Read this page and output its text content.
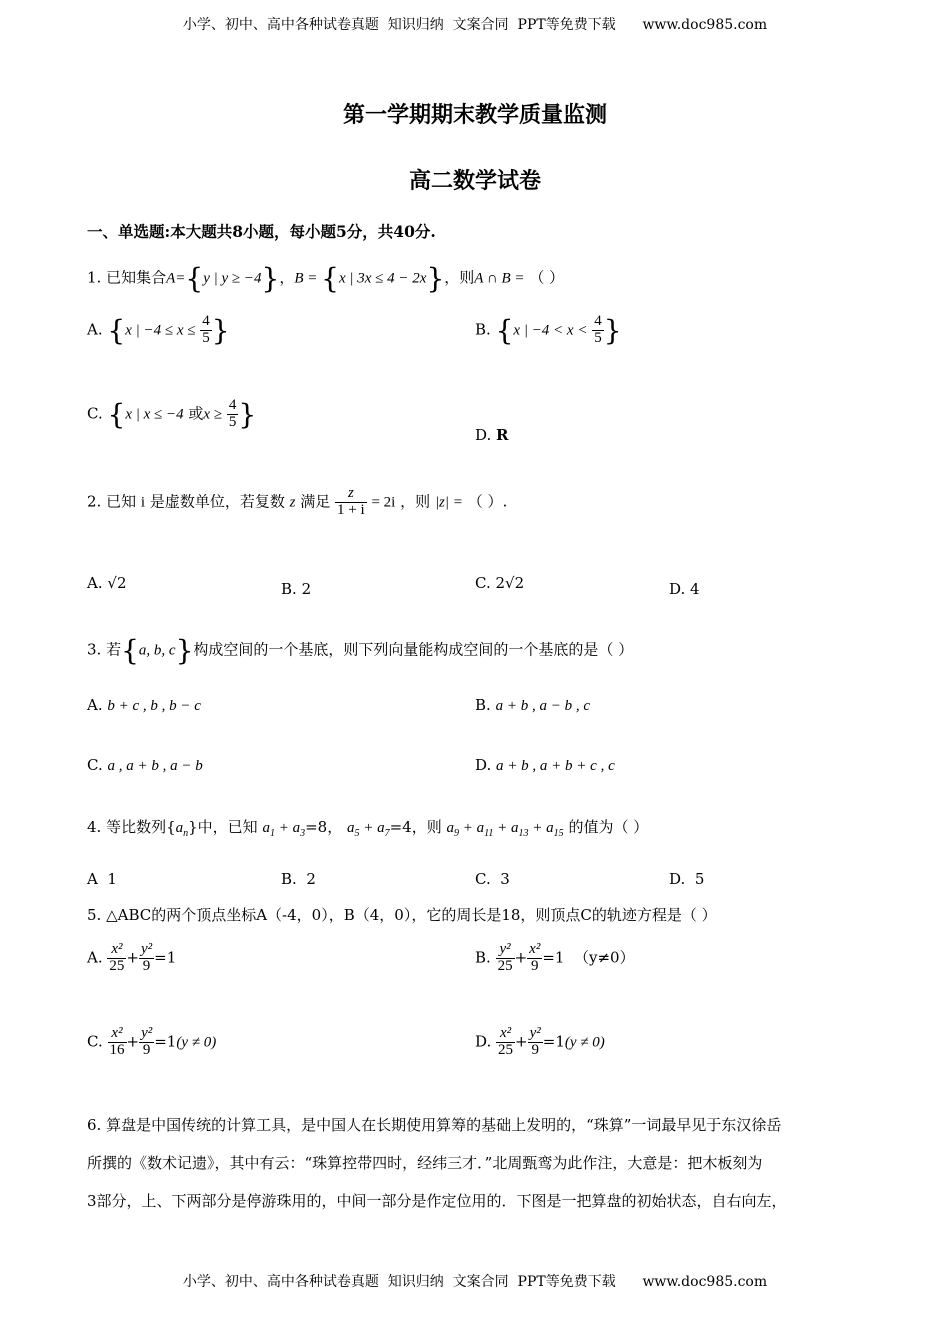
小学、初中、高中各种试卷真题  知识归纳  文案合同  PPT等免费下载      www.doc985.com
第一学期期末教学质量监测
高二数学试卷
一、单选题:本大题共8小题，每小题5分，共40分.
1. 已知集合A={y | y ≥ −4}，B = {x | 3x ≤ 4 − 2x}，则A ∩ B = （ ）
A. {x | $-4 \le x \le \frac{4}{5}$ }	B. {x | $-4 < x < \frac{4}{5}$ }
C. {x | x ≤ −4 或$x \ge \frac{4}{5}$ }
D. R
2. 已知 i 是虚数单位，若复数 z 满足 $\frac{z}{1 + i} = 2i$ ，则 |z| = （ ）.
A. √2	B. 2	C. 2√2	D. 4
3. 若{a, b, c}构成空间的一个基底，则下列向量能构成空间的一个基底的是（ ）
A. b + c , b , b − c	B. a + b , a − b , c
C. a , a + b , a − b	D. a + b , a + b + c , c
4. 等比数列$\{a_n\}$中，已知 $a_1 + a_3=8$， $a_5 + a_7=4$，则 $a_9 + a_{11} + a_{13} + a_{15}$ 的值为（ ）
A 1	B. 2	C. 3	D. 5
5. △ABC的两个顶点坐标A（-4，0），B（4，0），它的周长是18，则顶点C的轨迹方程是（ ）
A. $\frac{\text{x²}}{25} + \frac{\text{y²}}{9} =1$	B. $\frac{\text{y²}}{25} + \frac{\text{x²}}{9} =1$ （y≠0）
C. $\frac{\text{x²}}{16} + \frac{\text{y²}}{9} =1(y \ne 0)$	D. $\frac{\text{x²}}{25} + \frac{\text{y²}}{9} =1(y \ne 0)$
6. 算盘是中国传统的计算工具，是中国人在长期使用算筹的基础上发明的，“珠算”一词最早见于东汉徐岳
所撰的《数术记遗》，其中有云：“珠算控带四时，经纬三才．”北周甄鸾为此作注，大意是：把木板刻为
3部分，上、下两部分是停游珠用的，中间一部分是作定位用的．下图是一把算盘的初始状态，自右向左，
小学、初中、高中各种试卷真题  知识归纳  文案合同  PPT等免费下载      www.doc985.com
